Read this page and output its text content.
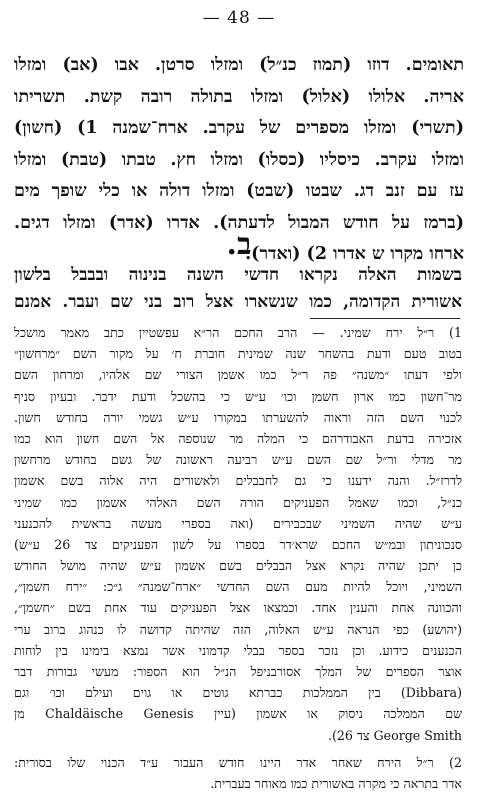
— 48 —
תאומים. דוזו (תמוז כנ״ל) ומזלו סרטן. אבו (אב) ומזלו
אריה. אלולו (אלול) ומזלו בתולה רובה קשת. תשריתו
(תשרי) ומזלו מספרים של עקרב. ארח־שמנה 1) (חשון)
ומזלו עקרב. כיסליו (כסלו) ומזלו חץ. טבתו (טבת) ומזלו
עז עם זנב דג. שבטו (שבט) ומזלו דולה או כלי שופך מים
(ברמז על חודש המבול לדעתה). אדרו (אדר) ומזלו דגים.
ארחו מקרו ש אדרו 2) (ואדר).
ב.
בשמות האלה נקראו חדשי השנה בנינוה ובבבל בלשון
אשורית הקדומה, כמו שנשארו אצל רוב בני שם ועבר. אמנם
1) ר״ל ירח שמיני. — הרב החכם הר״א עפשטיין כתב מאמר מושכל
בטוב טעם ודעת בהשחר שנה שמינית חוברת ח׳ על מקור השם ״מרחשון״
ולפי דעתו ״משנה״ פה ר״ל כמו אשמן הצורי שם אלהיו, ומרחון השם
מר־חשון כמו ארון חשמן וכו׳ ע״ש כי בהשכל ודעת ידבר. ובעיון סניף
לכנוי השם הזה וראוה להשערתו במקורו ע״ש גשמי יורה בחודש חשון.
אזכירה בדעת האבודרהם כי המלה מר שנוספה אל השם חשון הוא כמו
מר מדלי ור״ל שם השם ע״ש רביעה ראשונה של גשם בחודש מרחשון
לדרז״ל. והנה ידענו כי גם לחבבלים ולאשורים היה אלוה בשם אשמון
כנ״ל, וכמו שאמל הפעניקים הורה השם האלהי אשמון כמו שמיני
ע״ש שהיה השמיני שבכבירים (ואה בספרי מעשה בראשית להכנעני
סנכוניתון ובמ״ש החכם שרא׳דר בספרו על לשון הפעניקים צד 26 ע״ש)
כן יתכן שהיה נקרא אצל הבבלים בשם אשמון ע״ש שהיה מושל החודש
השמיני, ויוכל להיות מעם השם החדשי ״ארח־שמנה״ ג״כ: ״ירח חשמן״,
והכוונה אחת והענין אחד. וכמצאו אצל הפעניקים עוד אחת בשם ״חשמן״,
(יהושע) כפי הנראה ע״ש האלוה, הזה שהיתה קדושה לו כנהוג ברוב ערי
הכנענים כידוע. וכן נזכר בספר בבלי קדמוני אשר נמצא בימינו בין לוחות
אוצר הספרים של המלך אסורבניפל הנ״ל הוא הספור: מעשי גבורות דבר
(Dibbara) בין הממלכות כברתא גוטים או גוים ועילם וכו׳ וגם
שם הממלכה ניסוק או אשמון (עיין Chaldäische Genesis מן
George Smith צד 26).
2) ר״ל הירח שאחר אדר היינו חודש העבור ע״ד הכנוי שלו בסורית:
אדר בתראה כי מקרה באשורית כמו מאוחר בעברית.
